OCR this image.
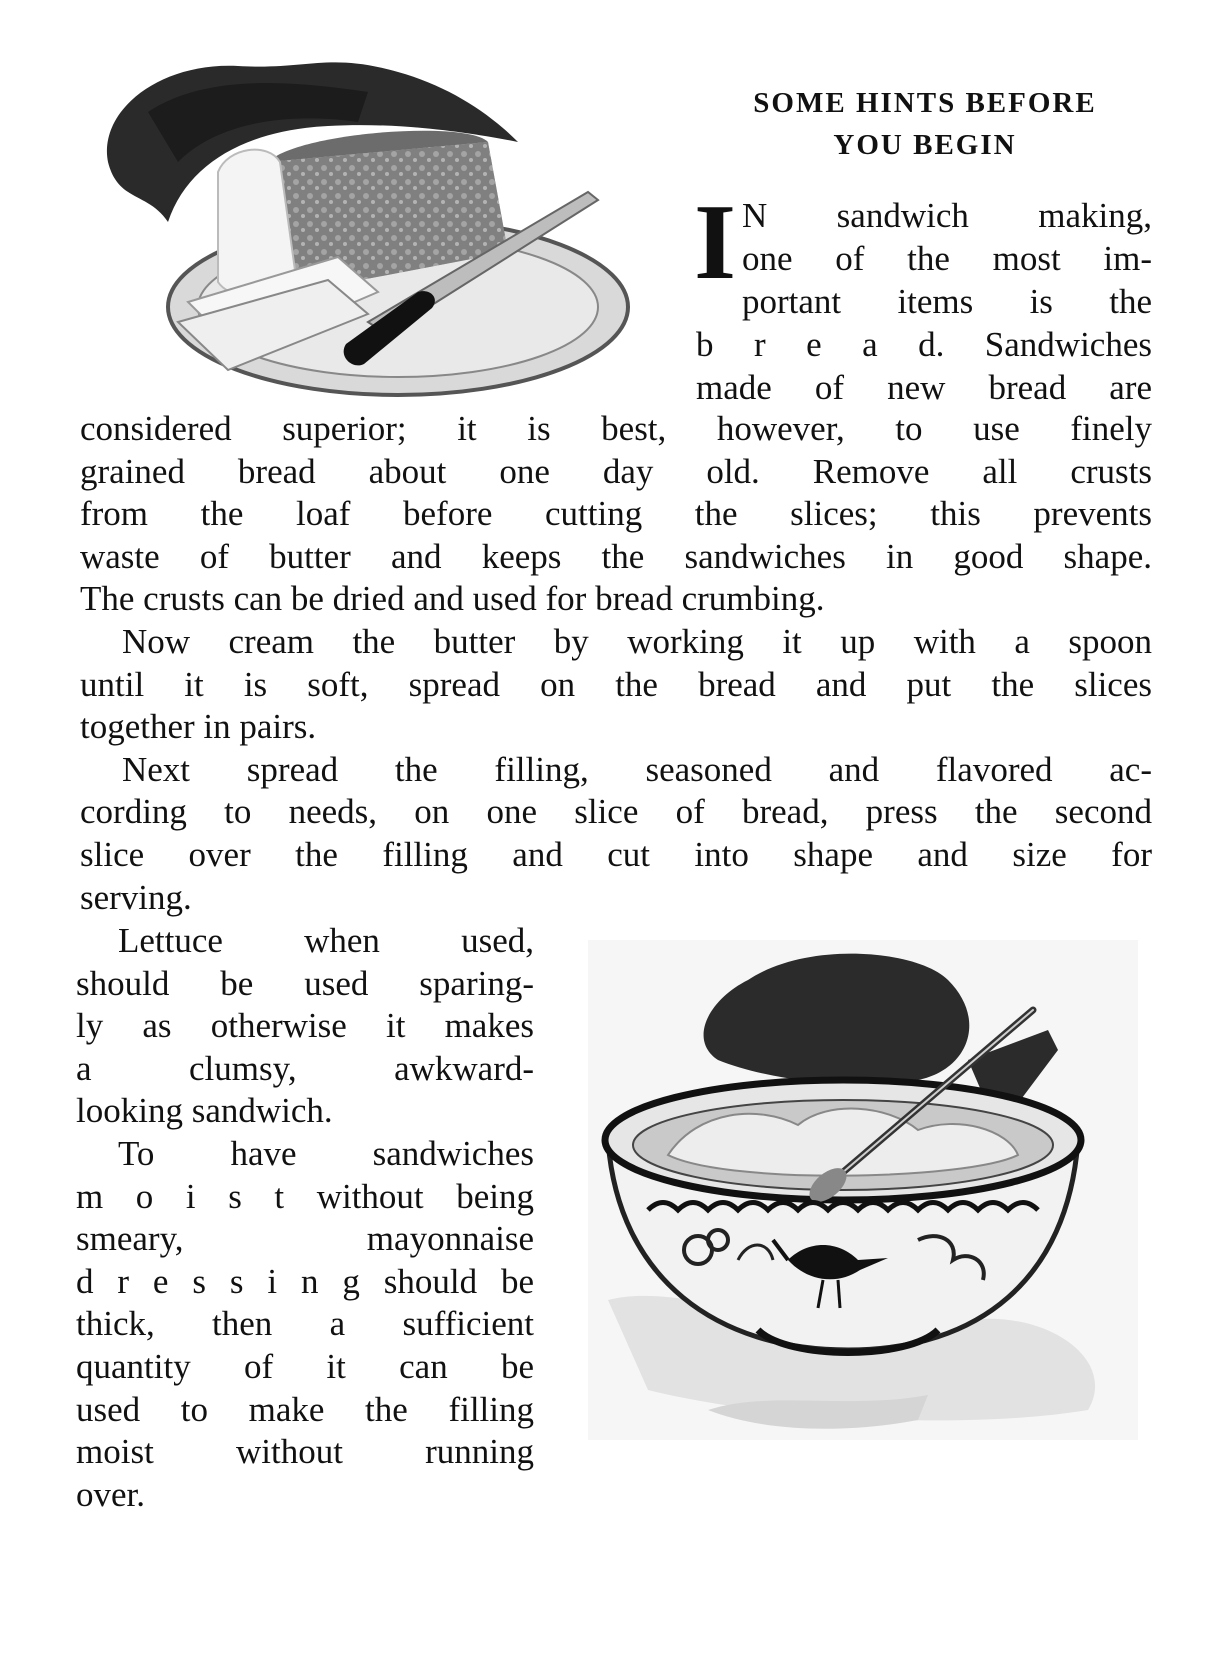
SOME HINTS BEFORE
YOU BEGIN
I N sandwich making,
one of the most im-
portant items is the
b r e a d. Sandwiches
made of new bread are
considered superior; it is best, however, to use finely
grained bread about one day old. Remove all crusts
from the loaf before cutting the slices; this prevents
waste of butter and keeps the sandwiches in good shape.
The crusts can be dried and used for bread crumbing.
Now cream the butter by working it up with a spoon
until it is soft, spread on the bread and put the slices
together in pairs.
Next spread the filling, seasoned and flavored ac-
cording to needs, on one slice of bread, press the second
slice over the filling and cut into shape and size for
serving.
Lettuce when used,
should be used sparing-
ly as otherwise it makes
a clumsy, awkward-
looking sandwich.
To have sandwiches
m o i s t without being
smeary, mayonnaise
d r e s s i n g should be
thick, then a sufficient
quantity of it can be
used to make the filling
moist without running
over.
